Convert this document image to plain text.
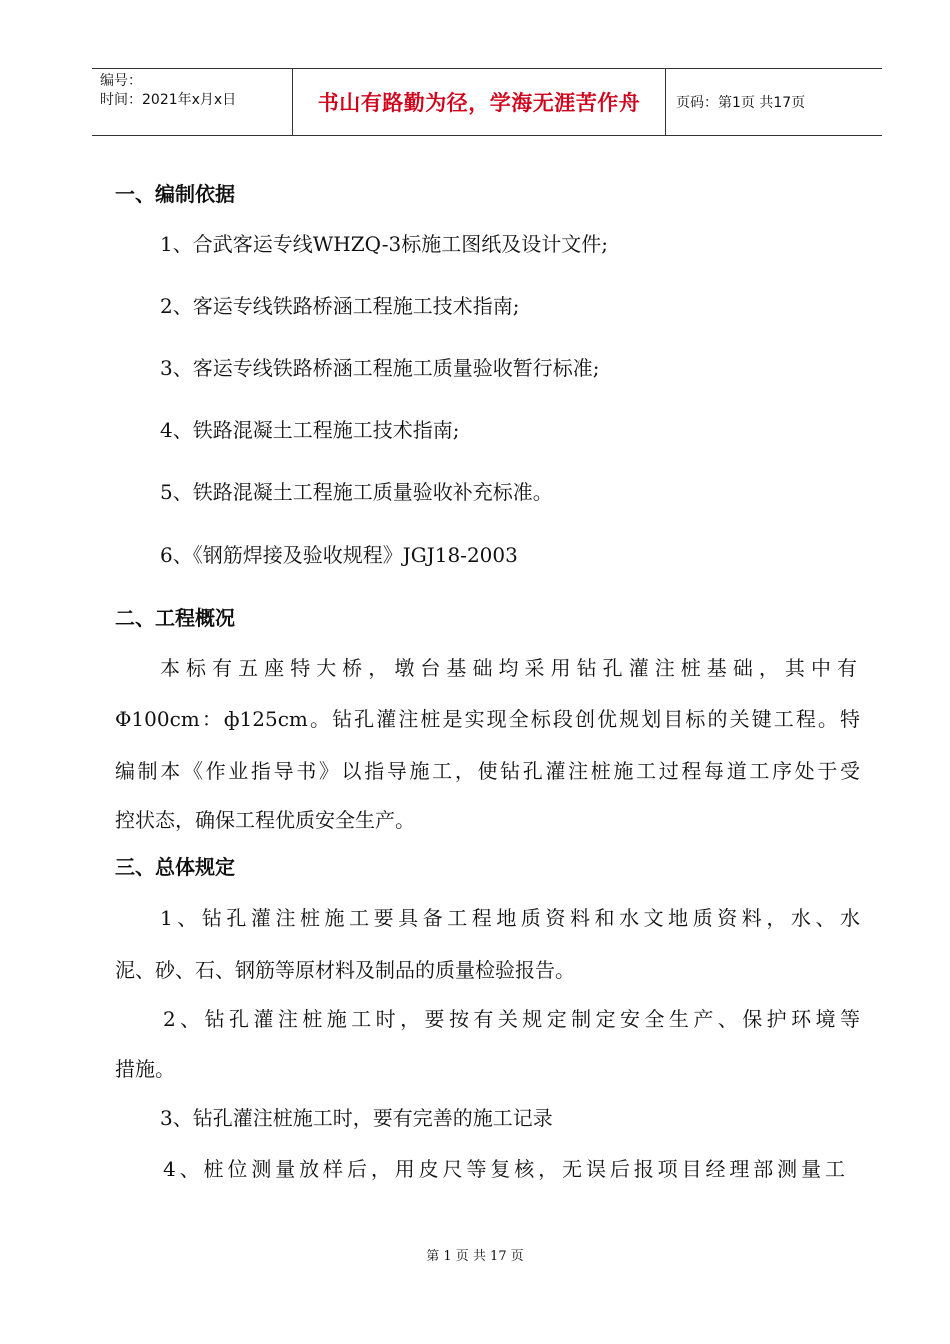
编号：
时间：2021年x月x日	书山有路勤为径，学海无涯苦作舟	页码：第1页 共17页
一、编制依据
1、合武客运专线WHZQ-3标施工图纸及设计文件;
2、客运专线铁路桥涵工程施工技术指南;
3、客运专线铁路桥涵工程施工质量验收暂行标准;
4、铁路混凝土工程施工技术指南;
5、铁路混凝土工程施工质量验收补充标准。
6、《钢筋焊接及验收规程》JGJ18-2003
二、工程概况
本标有五座特大桥，墩台基础均采用钻孔灌注桩基础，其中有
Φ100cm：ф125cm。钻孔灌注桩是实现全标段创优规划目标的关键工程。特
编制本《作业指导书》以指导施工，使钻孔灌注桩施工过程每道工序处于受
控状态，确保工程优质安全生产。
三、总体规定
1、钻孔灌注桩施工要具备工程地质资料和水文地质资料，水、水
泥、砂、石、钢筋等原材料及制品的质量检验报告。
2、钻孔灌注桩施工时，要按有关规定制定安全生产、保护环境等
措施。
3、钻孔灌注桩施工时，要有完善的施工记录
4、桩位测量放样后，用皮尺等复核，无误后报项目经理部测量工
第 1 页 共 17 页
